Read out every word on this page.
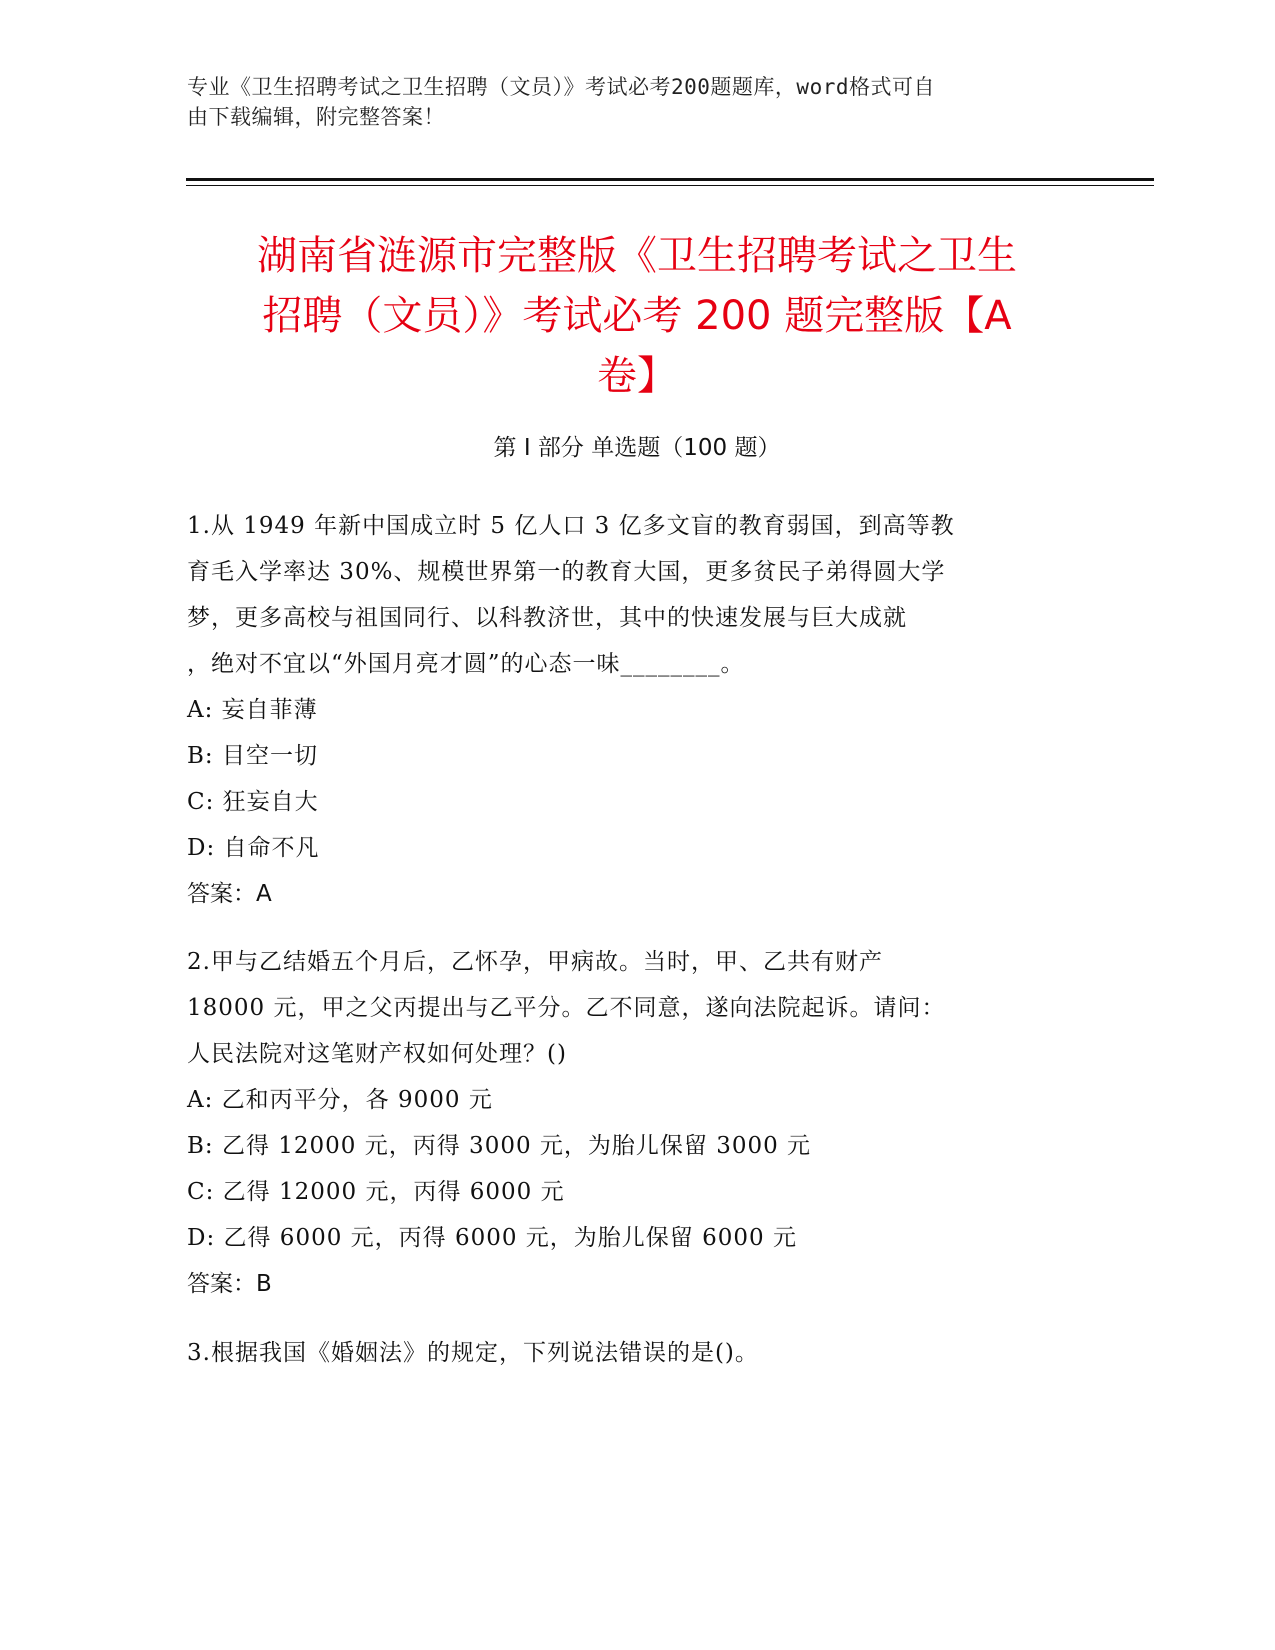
专业《卫生招聘考试之卫生招聘（文员）》考试必考200题题库，word格式可自
由下载编辑，附完整答案！
湖南省涟源市完整版《卫生招聘考试之卫生
招聘（文员）》考试必考 200 题完整版【A
卷】
第 I 部分 单选题（100 题）

1.从 1949 年新中国成立时 5 亿人口 3 亿多文盲的教育弱国，到高等教

育毛入学率达 30%、规模世界第一的教育大国，更多贫民子弟得圆大学

梦，更多高校与祖国同行、以科教济世，其中的快速发展与巨大成就

，绝对不宜以“外国月亮才圆”的心态一味________。

A: 妄自菲薄

B: 目空一切

C: 狂妄自大

D: 自命不凡

答案：A

2.甲与乙结婚五个月后，乙怀孕，甲病故。当时，甲、乙共有财产

18000 元，甲之父丙提出与乙平分。乙不同意，遂向法院起诉。请问：

人民法院对这笔财产权如何处理？()

A: 乙和丙平分，各 9000 元

B: 乙得 12000 元，丙得 3000 元，为胎儿保留 3000 元

C: 乙得 12000 元，丙得 6000 元

D: 乙得 6000 元，丙得 6000 元，为胎儿保留 6000 元

答案：B

3.根据我国《婚姻法》的规定，下列说法错误的是()。
